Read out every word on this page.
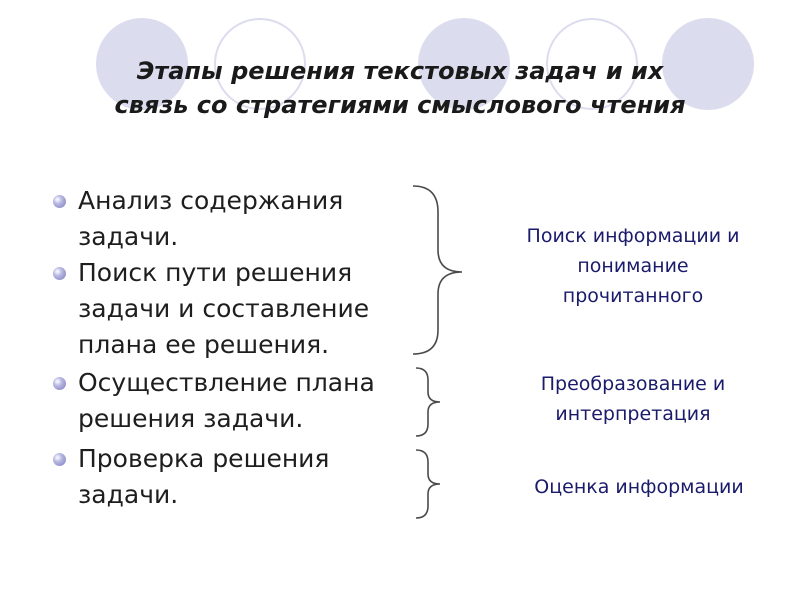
Этапы решения текстовых задач и их
связь со стратегиями смыслового чтения
Анализ содержания
задачи.
Поиск пути решения
задачи и составление
плана ее решения.
Осуществление плана
решения задачи.
Проверка решения
задачи.
Поиск информации и
понимание
прочитанного
Преобразование и
интерпретация
Оценка информации
